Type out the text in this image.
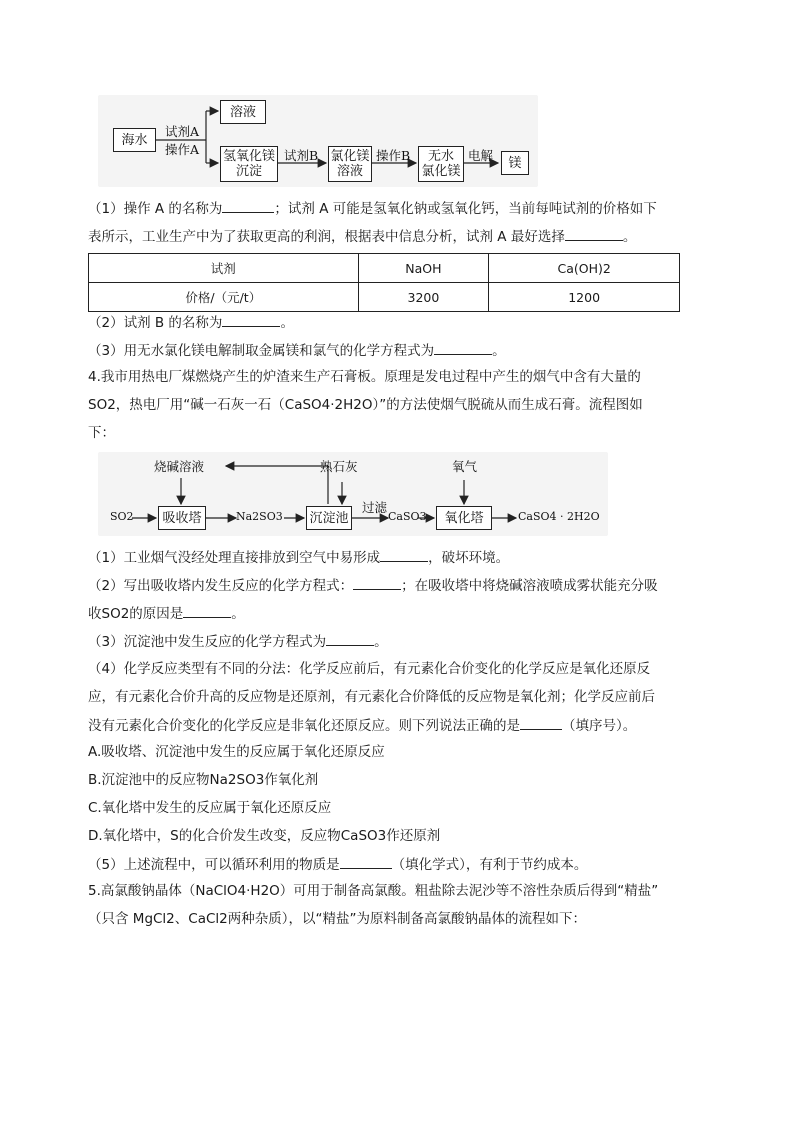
海水
试剂A
操作A
溶液
氢氧化镁
沉淀
试剂B 氯化镁
溶液
操作B 无水
氯化镁
电解	镁
（1）操作 A 的名称为	；试剂 A 可能是氢氧化钠或氢氧化钙，当前每吨试剂的价格如下
表所示，工业生产中为了获取更高的利润，根据表中信息分析，试剂 A 最好选择	。
试剂	NaOH	Ca(OH)2
价格/（元/t）	3200	1200
（2）试剂 B 的名称为	。
（3）用无水氯化镁电解制取金属镁和氯气的化学方程式为	。
4.我市用热电厂煤燃烧产生的炉渣来生产石膏板。原理是发电过程中产生的烟气中含有大量的
SO2，热电厂用“碱一石灰一石（CaSO4·2H2O）”的方法使烟气脱硫从而生成石膏。流程图如
下：
烧碱溶液	熟石灰	氧气
SO2	吸收塔	Na2SO3 沉淀池
过滤
CaSO3	氧化塔	CaSO4 · 2H2O
（1）工业烟气没经处理直接排放到空气中易形成	，破坏环境。
（2）写出吸收塔内发生反应的化学方程式：	；在吸收塔中将烧碱溶液喷成雾状能充分吸
收SO2的原因是	。
（3）沉淀池中发生反应的化学方程式为	。
（4）化学反应类型有不同的分法：化学反应前后，有元素化合价变化的化学反应是氧化还原反
应，有元素化合价升高的反应物是还原剂，有元素化合价降低的反应物是氧化剂；化学反应前后
没有元素化合价变化的化学反应是非氧化还原反应。则下列说法正确的是	（填序号）。
A.吸收塔、沉淀池中发生的反应属于氧化还原反应
B.沉淀池中的反应物Na2SO3作氧化剂
C.氧化塔中发生的反应属于氧化还原反应
D.氧化塔中，S的化合价发生改变，反应物CaSO3作还原剂
（5）上述流程中，可以循环利用的物质是	（填化学式），有利于节约成本。
5.高氯酸钠晶体（NaClO4·H2O）可用于制备高氯酸。粗盐除去泥沙等不溶性杂质后得到“精盐”
（只含 MgCl2、CaCl2两种杂质），以“精盐”为原料制备高氯酸钠晶体的流程如下：
